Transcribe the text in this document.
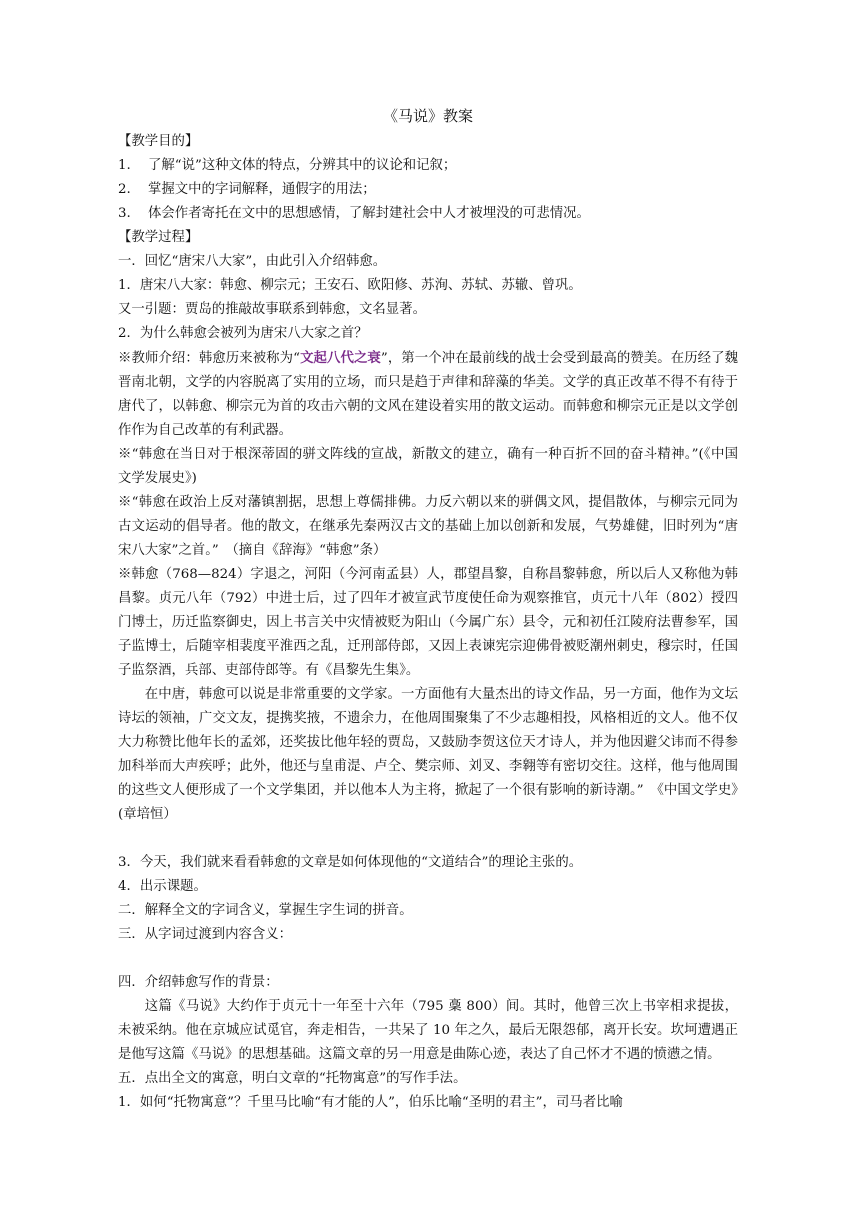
《马说》教案
【教学目的】
1. 了解“说”这种文体的特点，分辨其中的议论和记叙；
2. 掌握文中的字词解释，通假字的用法；
3. 体会作者寄托在文中的思想感情，了解封建社会中人才被埋没的可悲情况。
【教学过程】
一．回忆“唐宋八大家”，由此引入介绍韩愈。
1．唐宋八大家：韩愈、柳宗元；王安石、欧阳修、苏洵、苏轼、苏辙、曾巩。
又一引题：贾岛的推敲故事联系到韩愈，文名显著。
2．为什么韩愈会被列为唐宋八大家之首？

※教师介绍：韩愈历来被称为“文起八代之衰”，第一个冲在最前线的战士会受到最高的赞美。在历经了魏晋南北朝，文学的内容脱离了实用的立场，而只是趋于声律和辞藻的华美。文学的真正改革不得不有待于唐代了，以韩愈、柳宗元为首的攻击六朝的文风在建设着实用的散文运动。而韩愈和柳宗元正是以文学创作作为自己改革的有利武器。

※“韩愈在当日对于根深蒂固的骈文阵线的宣战，新散文的建立，确有一种百折不回的奋斗精神。”(《中国文学发展史》)

※“韩愈在政治上反对藩镇割据，思想上尊儒排佛。力反六朝以来的骈偶文风，提倡散体，与柳宗元同为古文运动的倡导者。他的散文，在继承先秦两汉古文的基础上加以创新和发展，气势雄健，旧时列为“唐宋八大家”之首。”　（摘自《辞海》“韩愈”条）

※韩愈（768—824）字退之，河阳（今河南孟县）人，郡望昌黎，自称昌黎韩愈，所以后人又称他为韩昌黎。贞元八年（792）中进士后，过了四年才被宣武节度使任命为观察推官，贞元十八年（802）授四门博士，历迁监察御史，因上书言关中灾情被贬为阳山（今属广东）县令，元和初任江陵府法曹参军，国子监博士，后随宰相裴度平淮西之乱，迁刑部侍郎，又因上表谏宪宗迎佛骨被贬潮州刺史，穆宗时，任国子监祭酒，兵部、吏部侍郎等。有《昌黎先生集》。

在中唐，韩愈可以说是非常重要的文学家。一方面他有大量杰出的诗文作品，另一方面，他作为文坛诗坛的领袖，广交文友，提携奖掖，不遗余力，在他周围聚集了不少志趣相投，风格相近的文人。他不仅大力称赞比他年长的孟郊，还奖拔比他年轻的贾岛，又鼓励李贺这位天才诗人，并为他因避父讳而不得参加科举而大声疾呼；此外，他还与皇甫湜、卢仝、樊宗师、刘叉、李翱等有密切交往。这样，他与他周围的这些文人便形成了一个文学集团，并以他本人为主将，掀起了一个很有影响的新诗潮。”　《中国文学史》(章培恒）

3．今天，我们就来看看韩愈的文章是如何体现他的“文道结合”的理论主张的。
4．出示课题。
二．解释全文的字词含义，掌握生字生词的拼音。
三．从字词过渡到内容含义：
四．介绍韩愈写作的背景：

这篇《马说》大约作于贞元十一年至十六年（795 稾 800）间。其时，他曾三次上书宰相求提拔，未被采纳。他在京城应试觅官，奔走相告，一共呆了 10 年之久，最后无限怨郁，离开长安。坎坷遭遇正是他写这篇《马说》的思想基础。这篇文章的另一用意是曲陈心迹，表达了自己怀才不遇的愤懑之情。

五．点出全文的寓意，明白文章的“托物寓意”的写作手法。
1．如何“托物寓意”？千里马比喻“有才能的人”，伯乐比喻“圣明的君主”，司马者比喻
